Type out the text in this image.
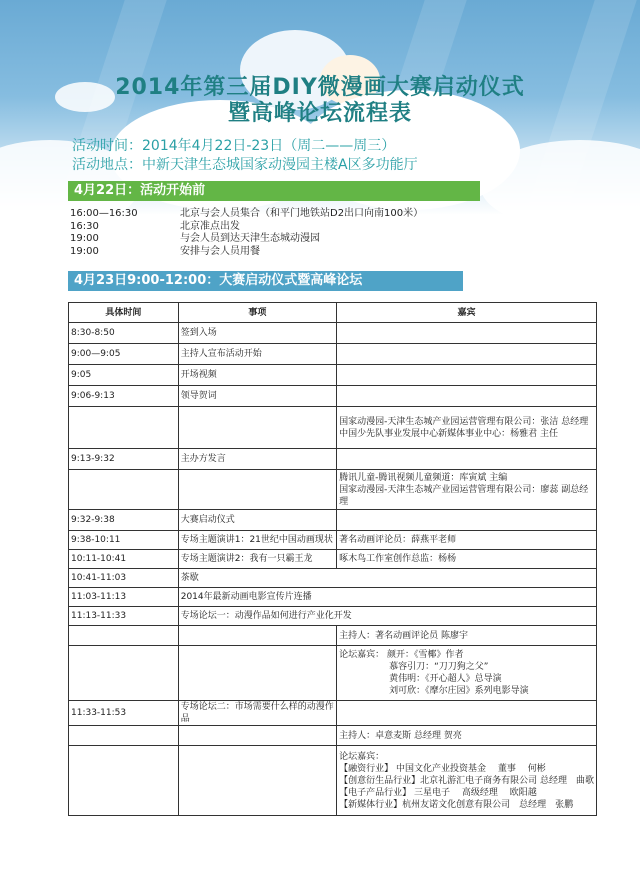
2014年第三届DIY微漫画大赛启动仪式
暨高峰论坛流程表
活动时间：2014年4月22日-23日（周二——周三）
活动地点：中新天津生态城国家动漫园主楼A区多功能厅
4月22日：活动开始前
16:00—16:30	北京与会人员集合（和平门地铁站D2出口向南100米）
16:30	北京准点出发
19:00	与会人员到达天津生态城动漫园
19:00	安排与会人员用餐
4月23日9:00-12:00：大赛启动仪式暨高峰论坛
具体时间	事项	嘉宾
8:30-8:50	签到入场	
9:00—9:05	主持人宣布活动开始	
9:05	开场视频	
9:06-9:13	领导贺词	

		国家动漫园-天津生态城产业园运营管理有限公司：张洁 总经理
中国少先队事业发展中心新媒体事业中心：杨雅君 主任

9:13-9:32	主办方发言	

		腾讯儿童-腾讯视频儿童频道：库寅斌 主编
国家动漫园-天津生态城产业园运营管理有限公司：廖蕊 副总经
理

9:32-9:38	大赛启动仪式	
9:38-10:11	专场主题演讲1：21世纪中国动画现状	著名动画评论员：薛燕平老师
10:11-10:41	专场主题演讲2：我有一只霸王龙	啄木鸟工作室创作总监：杨杨
10:41-11:03	茶歇	
11:03-11:13	2014年最新动画电影宣传片连播	
11:13-11:33	专场论坛一：动漫作品如何进行产业化开发	
		主持人：著名动画评论员 陈廖宇

		论坛嘉宾： 颜开：《雪椰》作者
慕容引刀：“刀刀狗之父”
黄伟明：《开心超人》总导演
刘可欣：《摩尔庄园》系列电影导演

11:33-11:53	专场论坛二：市场需要什么样的动漫作品	
		主持人：卓意麦斯 总经理 贺亮

		论坛嘉宾：
【融资行业】 中国文化产业投资基金　 董事　 何彬
【创意衍生品行业】北京礼游汇电子商务有限公司 总经理　曲歌
【电子产品行业】 三星电子　 高级经理　 欧阳越
【新媒体行业】杭州友诺文化创意有限公司　总经理　张鹏
